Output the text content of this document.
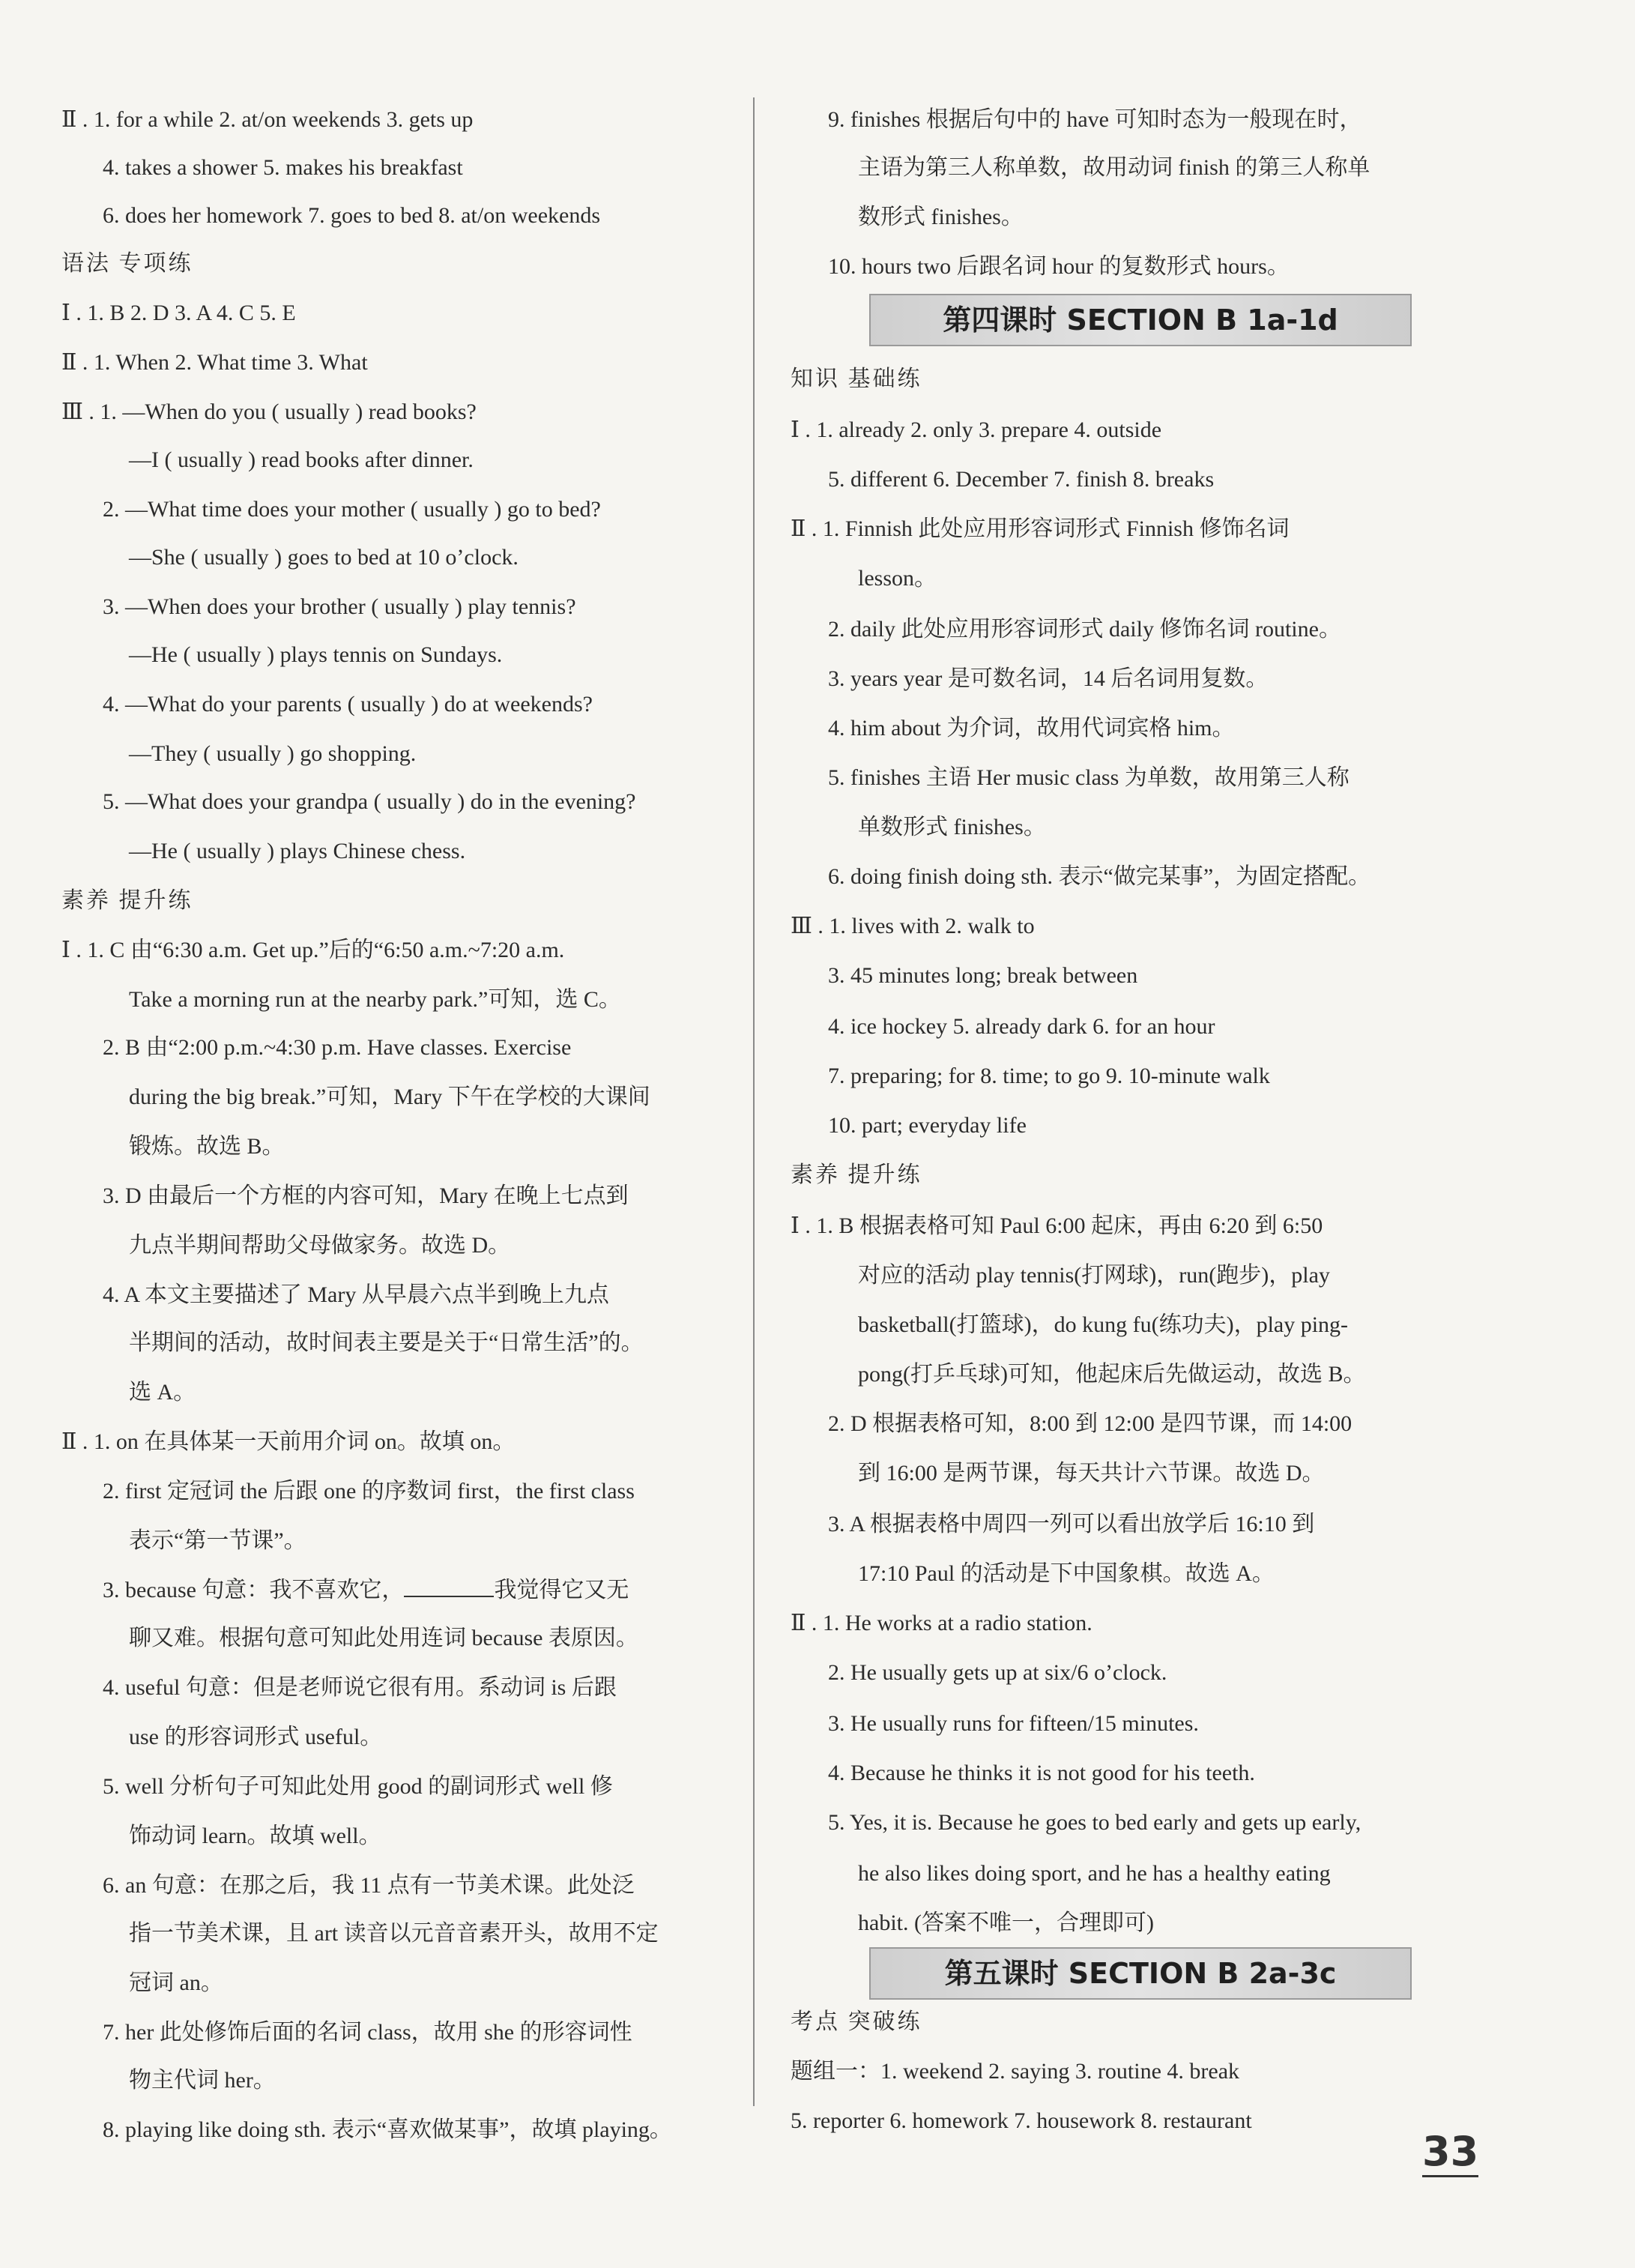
Ⅱ . 1. for a while 2. at/on weekends 3. gets up
4. takes a shower 5. makes his breakfast
6. does her homework 7. goes to bed 8. at/on weekends
语法 专项练
Ⅰ . 1. B 2. D 3. A 4. C 5. E
Ⅱ . 1. When 2. What time 3. What
Ⅲ . 1. —When do you ( usually ) read books?
—I ( usually ) read books after dinner.
2. —What time does your mother ( usually ) go to bed?
—She ( usually ) goes to bed at 10 o’clock.
3. —When does your brother ( usually ) play tennis?
—He ( usually ) plays tennis on Sundays.
4. —What do your parents ( usually ) do at weekends?
—They ( usually ) go shopping.
5. —What does your grandpa ( usually ) do in the evening?
—He ( usually ) plays Chinese chess.
素养 提升练
Ⅰ . 1. C 由“6:30 a.m. Get up.”后的“6:50 a.m.~7:20 a.m.
Take a morning run at the nearby park.”可知，选 C。
2. B 由“2:00 p.m.~4:30 p.m. Have classes. Exercise
during the big break.”可知，Mary 下午在学校的大课间
锻炼。故选 B。
3. D 由最后一个方框的内容可知，Mary 在晚上七点到
九点半期间帮助父母做家务。故选 D。
4. A 本文主要描述了 Mary 从早晨六点半到晚上九点
半期间的活动，故时间表主要是关于“日常生活”的。
选 A。
Ⅱ . 1. on 在具体某一天前用介词 on。故填 on。
2. first 定冠词 the 后跟 one 的序数词 first，the first class
表示“第一节课”。
3. because 句意：我不喜欢它，	我觉得它又无
聊又难。根据句意可知此处用连词 because 表原因。
4. useful 句意：但是老师说它很有用。系动词 is 后跟
use 的形容词形式 useful。
5. well 分析句子可知此处用 good 的副词形式 well 修
饰动词 learn。故填 well。
6. an 句意：在那之后，我 11 点有一节美术课。此处泛
指一节美术课，且 art 读音以元音音素开头，故用不定
冠词 an。
7. her 此处修饰后面的名词 class，故用 she 的形容词性
物主代词 her。
8. playing like doing sth. 表示“喜欢做某事”，故填 playing。
9. finishes 根据后句中的 have 可知时态为一般现在时，
主语为第三人称单数，故用动词 finish 的第三人称单
数形式 finishes。
10. hours two 后跟名词 hour 的复数形式 hours。
知识 基础练
Ⅰ . 1. already 2. only 3. prepare 4. outside
5. different 6. December 7. finish 8. breaks
Ⅱ . 1. Finnish 此处应用形容词形式 Finnish 修饰名词
lesson。
2. daily 此处应用形容词形式 daily 修饰名词 routine。
3. years year 是可数名词，14 后名词用复数。
4. him about 为介词，故用代词宾格 him。
5. finishes 主语 Her music class 为单数，故用第三人称
单数形式 finishes。
6. doing finish doing sth. 表示“做完某事”，为固定搭配。
Ⅲ . 1. lives with 2. walk to
3. 45 minutes long; break between
4. ice hockey 5. already dark 6. for an hour
7. preparing; for 8. time; to go 9. 10-minute walk
10. part; everyday life
素养 提升练
Ⅰ . 1. B 根据表格可知 Paul 6:00 起床，再由 6:20 到 6:50
对应的活动 play tennis(打网球)，run(跑步)，play
basketball(打篮球)，do kung fu(练功夫)，play ping-
pong(打乒乓球)可知，他起床后先做运动，故选 B。
2. D 根据表格可知，8:00 到 12:00 是四节课，而 14:00
到 16:00 是两节课，每天共计六节课。故选 D。
3. A 根据表格中周四一列可以看出放学后 16:10 到
17:10 Paul 的活动是下中国象棋。故选 A。
Ⅱ . 1. He works at a radio station.
2. He usually gets up at six/6 o’clock.
3. He usually runs for fifteen/15 minutes.
4. Because he thinks it is not good for his teeth.
5. Yes, it is. Because he goes to bed early and gets up early,
he also likes doing sport, and he has a healthy eating
habit. (答案不唯一，合理即可)
考点 突破练
题组一：1. weekend 2. saying 3. routine 4. break
5. reporter 6. homework 7. housework 8. restaurant
第四课时 SECTION B 1a-1d
第五课时 SECTION B 2a-3c
33
